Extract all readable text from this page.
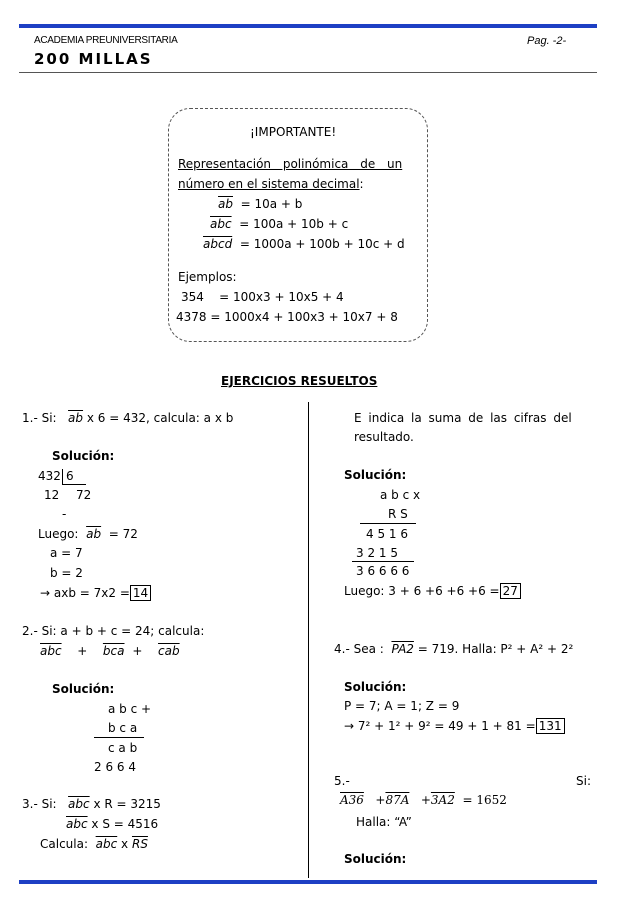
ACADEMIA PREUNIVERSITARIA	Pag. -2-
200 MILLAS
¡IMPORTANTE!
Representación polinómica de un
número en el sistema decimal:
$\overline{ab} = 10a + b$
$\overline{abc} = 100a + 10b + c$
abcd = 1000a + 100b + 10c + d
Ejemplos:
354    = 100x3 + 10x5 + 4
4378 = 1000x4 + 100x3 + 10x7 + 8
EJERCICIOS RESUELTOS
1.- Si: $\overline{ab}$ x 6 = 432, calcula: a x b
Solución:
432 6
12 72
-
Luego: $\overline{ab} = 72$
a = 7
b = 2
→ axb = 7x2 = 14
2.- Si: a + b + c = 24; calcula:
$\overline{abc} + \overline{bca} + \overline{cab}$
Solución:
a b c +
b c a
c a b
2 6 6 4
3.- Si: $\overline{abc}$ x R = 3215
$\overline{abc}$ x S = 4516
Calcula: $\overline{abc}$ x $\overline{RS}$
E indica la suma de las cifras del
resultado.
Solución:
a b c x
R S
4 5 1 6
3 2 1 5
3 6 6 6 6
Luego: 3 + 6 +6 +6 +6 = 27
4.- Sea : PA2 = 719. Halla: P² + A² + 2²
Solución:
P = 7; A = 1; Z = 9
→ 7² + 1² + 9² = 49 + 1 + 81 = 131
5.-	Si:
A36 +87A +3A2 = 1652
Halla: “A”
Solución:
